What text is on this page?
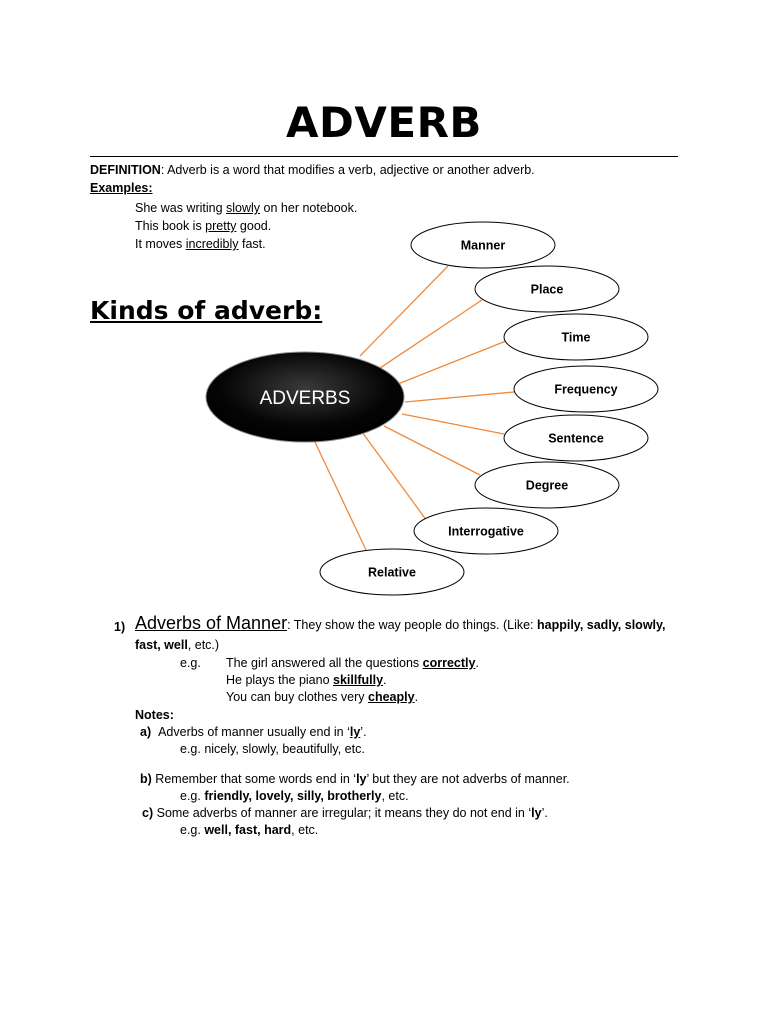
ADVERB
DEFINITION: Adverb is a word that modifies a verb, adjective or another adverb.
Examples:
She was writing slowly on her notebook.
This book is pretty good.
It moves incredibly fast.
Kinds of adverb:
Manner
Place
Time
Frequency
Sentence
Degree
Interrogative
Relative
ADVERBS
1) Adverbs of Manner: They show the way people do things. (Like: happily, sadly, slowly,
fast, well, etc.)
e.g. The girl answered all the questions correctly.
He plays the piano skillfully.
You can buy clothes very cheaply.
Notes:
a) Adverbs of manner usually end in ‘ly’.
e.g. nicely, slowly, beautifully, etc.
b) Remember that some words end in ‘ly’ but they are not adverbs of manner.
e.g. friendly, lovely, silly, brotherly, etc.
c) Some adverbs of manner are irregular; it means they do not end in ‘ly’.
e.g. well, fast, hard, etc.
